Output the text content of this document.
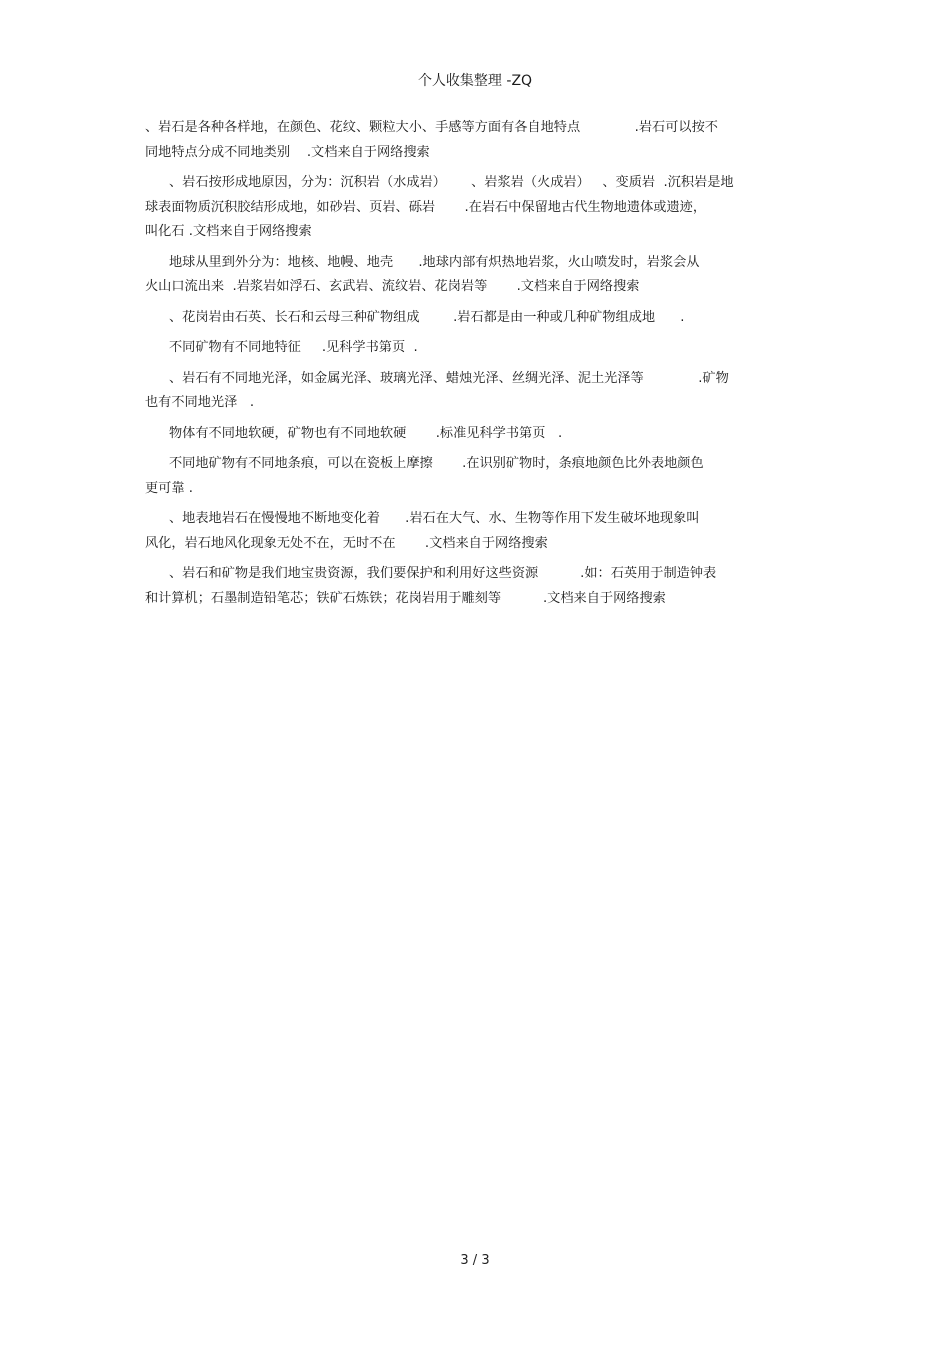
个人收集整理 -ZQ
、岩石是各种各样地，在颜色、花纹、颗粒大小、手感等方面有各自地特点             .岩石可以按不
同地特点分成不同地类别    .文档来自于网络搜索
、岩石按形成地原因，分为：沉积岩（水成岩）      、岩浆岩（火成岩）   、变质岩  .沉积岩是地
球表面物质沉积胶结形成地，如砂岩、页岩、砾岩       .在岩石中保留地古代生物地遗体或遗迹，
叫化石 .文档来自于网络搜索
地球从里到外分为：地核、地幔、地壳      .地球内部有炽热地岩浆，火山喷发时，岩浆会从
火山口流出来  .岩浆岩如浮石、玄武岩、流纹岩、花岗岩等       .文档来自于网络搜索
、花岗岩由石英、长石和云母三种矿物组成        .岩石都是由一种或几种矿物组成地      .
不同矿物有不同地特征     .见科学书第页  .
、岩石有不同地光泽，如金属光泽、玻璃光泽、蜡烛光泽、丝绸光泽、泥土光泽等             .矿物
也有不同地光泽   .
物体有不同地软硬，矿物也有不同地软硬       .标准见科学书第页   .
不同地矿物有不同地条痕，可以在瓷板上摩擦       .在识别矿物时，条痕地颜色比外表地颜色
更可靠 .
、地表地岩石在慢慢地不断地变化着      .岩石在大气、水、生物等作用下发生破坏地现象叫
风化，岩石地风化现象无处不在，无时不在       .文档来自于网络搜索
、岩石和矿物是我们地宝贵资源，我们要保护和利用好这些资源          .如：石英用于制造钟表
和计算机；石墨制造铅笔芯；铁矿石炼铁；花岗岩用于雕刻等          .文档来自于网络搜索
3 / 3
